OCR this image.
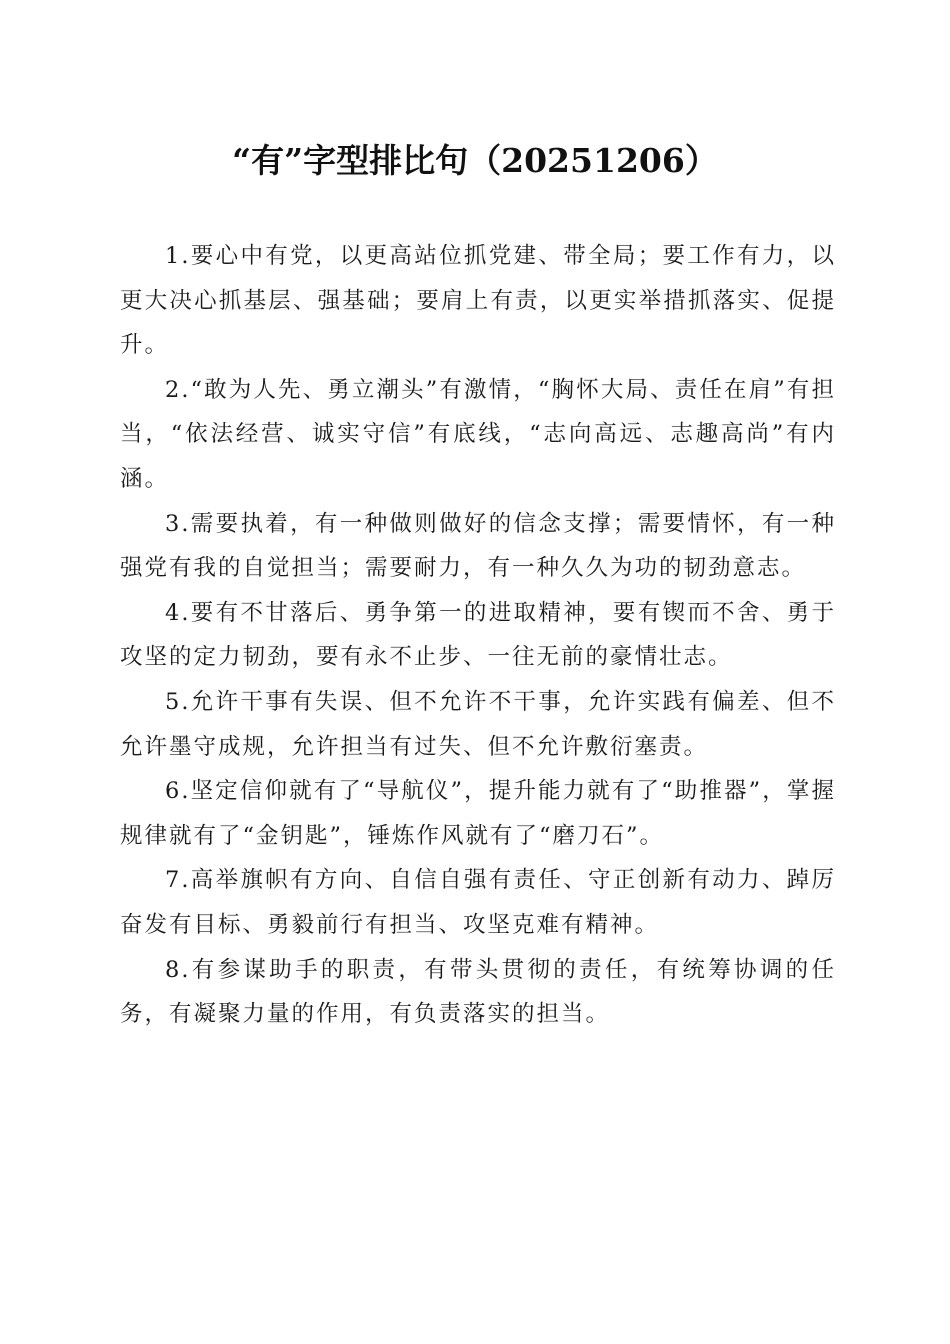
“有”字型排比句（20251206）

1.要心中有党，以更高站位抓党建、带全局；要工作有力，以更大决心抓基层、强基础；要肩上有责，以更实举措抓落实、促提升。

2.“敢为人先、勇立潮头”有激情，“胸怀大局、责任在肩”有担当，“依法经营、诚实守信”有底线，“志向高远、志趣高尚”有内涵。

3.需要执着，有一种做则做好的信念支撑；需要情怀，有一种强党有我的自觉担当；需要耐力，有一种久久为功的韧劲意志。

4.要有不甘落后、勇争第一的进取精神，要有锲而不舍、勇于攻坚的定力韧劲，要有永不止步、一往无前的豪情壮志。

5.允许干事有失误、但不允许不干事，允许实践有偏差、但不允许墨守成规，允许担当有过失、但不允许敷衍塞责。

6.坚定信仰就有了“导航仪”，提升能力就有了“助推器”，掌握规律就有了“金钥匙”，锤炼作风就有了“磨刀石”。

7.高举旗帜有方向、自信自强有责任、守正创新有动力、踔厉奋发有目标、勇毅前行有担当、攻坚克难有精神。

8.有参谋助手的职责，有带头贯彻的责任，有统筹协调的任务，有凝聚力量的作用，有负责落实的担当。
